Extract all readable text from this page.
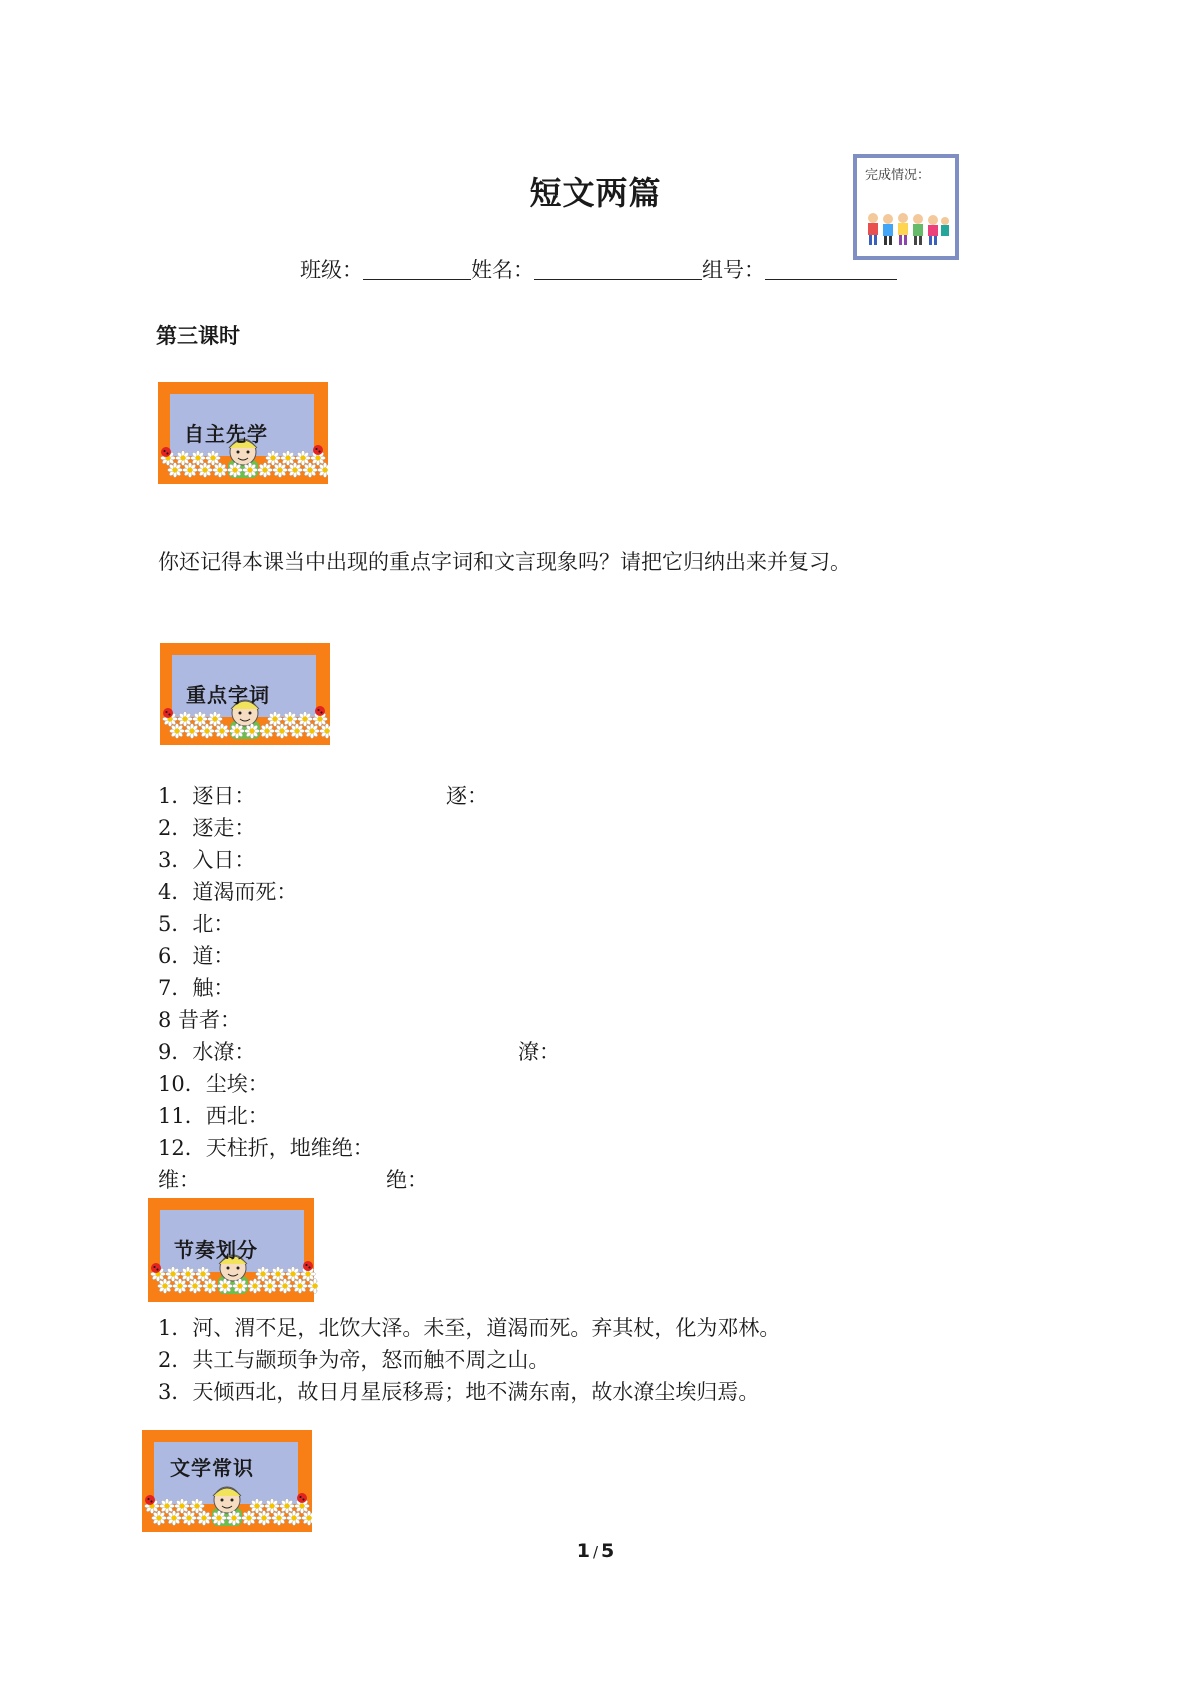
短文两篇	完成情况：
班级：	姓名：	组号：
第三课时
自主先学
你还记得本课当中出现的重点字词和文言现象吗？请把它归纳出来并复习。
重点字词
1．逐日：	逐：
2．逐走：
3．入日：
4．道渴而死：
5．北：
6．道：
7．触：
8 昔者：
9．水潦：	潦：
10．尘埃：
11．西北：
12．天柱折，地维绝：
维：	绝：
节奏划分
1．河、渭不足，北饮大泽。未至，道渴而死。弃其杖，化为邓林。
2．共工与颛顼争为帝，怒而触不周之山。
3．天倾西北，故日月星辰移焉；地不满东南，故水潦尘埃归焉。
文学常识
1 / 5
